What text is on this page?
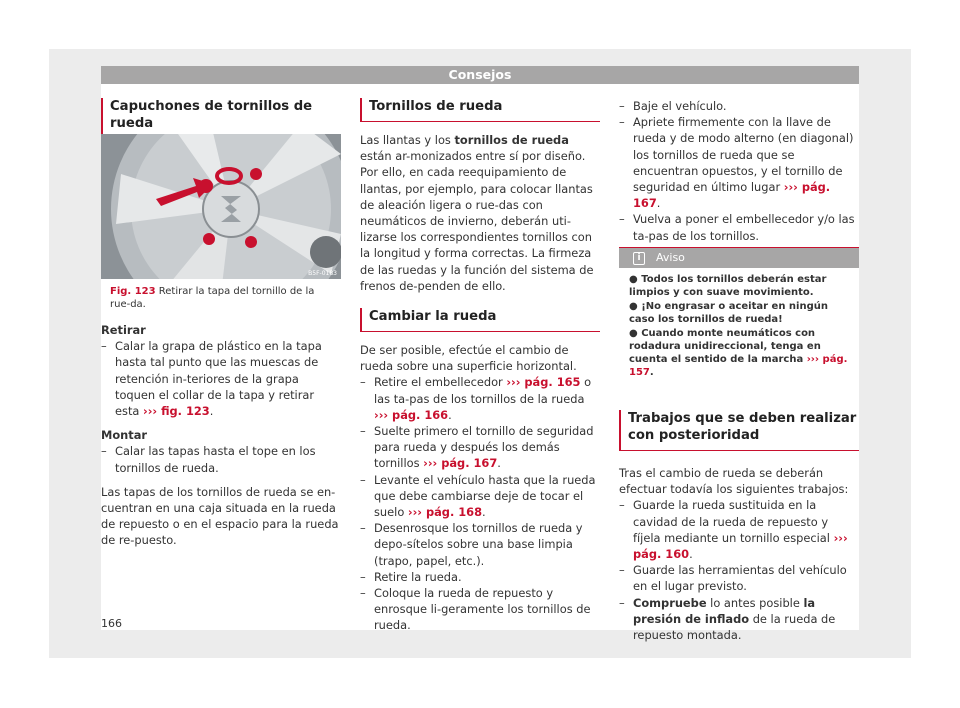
Consejos
Capuchones de tornillos de rueda
B5F-0183
Fig. 123 Retirar la tapa del tornillo de la rue-da.

Retirar

– Calar la grapa de plástico en la tapa hasta tal punto que las muescas de retención in-teriores de la grapa toquen el collar de la tapa y retirar esta ››› fig. 123.

Montar

– Calar las tapas hasta el tope en los tornillos de rueda.

Las tapas de los tornillos de rueda se en-cuentran en una caja situada en la rueda de repuesto o en el espacio para la rueda de re-puesto.

Tornillos de rueda

Las llantas y los tornillos de rueda están ar-monizados entre sí por diseño. Por ello, en cada reequipamiento de llantas, por ejemplo, para colocar llantas de aleación ligera o rue-das con neumáticos de invierno, deberán uti-lizarse los correspondientes tornillos con la longitud y forma correctas. La firmeza de las ruedas y la función del sistema de frenos de-penden de ello.

Cambiar la rueda

De ser posible, efectúe el cambio de rueda sobre una superficie horizontal.

– Retire el embellecedor ››› pág. 165 o las ta-pas de los tornillos de la rueda ››› pág. 166.
– Suelte primero el tornillo de seguridad para rueda y después los demás tornillos ››› pág. 167.
– Levante el vehículo hasta que la rueda que debe cambiarse deje de tocar el suelo ››› pág. 168.
– Desenrosque los tornillos de rueda y depo-sítelos sobre una base limpia (trapo, papel, etc.).
– Retire la rueda.
– Coloque la rueda de repuesto y enrosque li-geramente los tornillos de rueda.
– Baje el vehículo.
– Apriete firmemente con la llave de rueda y de modo alterno (en diagonal) los tornillos de rueda que se encuentran opuestos, y el tornillo de seguridad en último lugar ››› pág. 167.
– Vuelva a poner el embellecedor y/o las ta-pas de los tornillos.
i	Aviso
● Todos los tornillos deberán estar limpios y con suave movimiento.
● ¡No engrasar o aceitar en ningún caso los tornillos de rueda!
● Cuando monte neumáticos con rodadura unidireccional, tenga en cuenta el sentido de la marcha ››› pág. 157.
Trabajos que se deben realizar con posterioridad

Tras el cambio de rueda se deberán efectuar todavía los siguientes trabajos:

– Guarde la rueda sustituida en la cavidad de la rueda de repuesto y fíjela mediante un tornillo especial ››› pág. 160.
– Guarde las herramientas del vehículo en el lugar previsto.
– Compruebe lo antes posible la presión de inflado de la rueda de repuesto montada.
166
